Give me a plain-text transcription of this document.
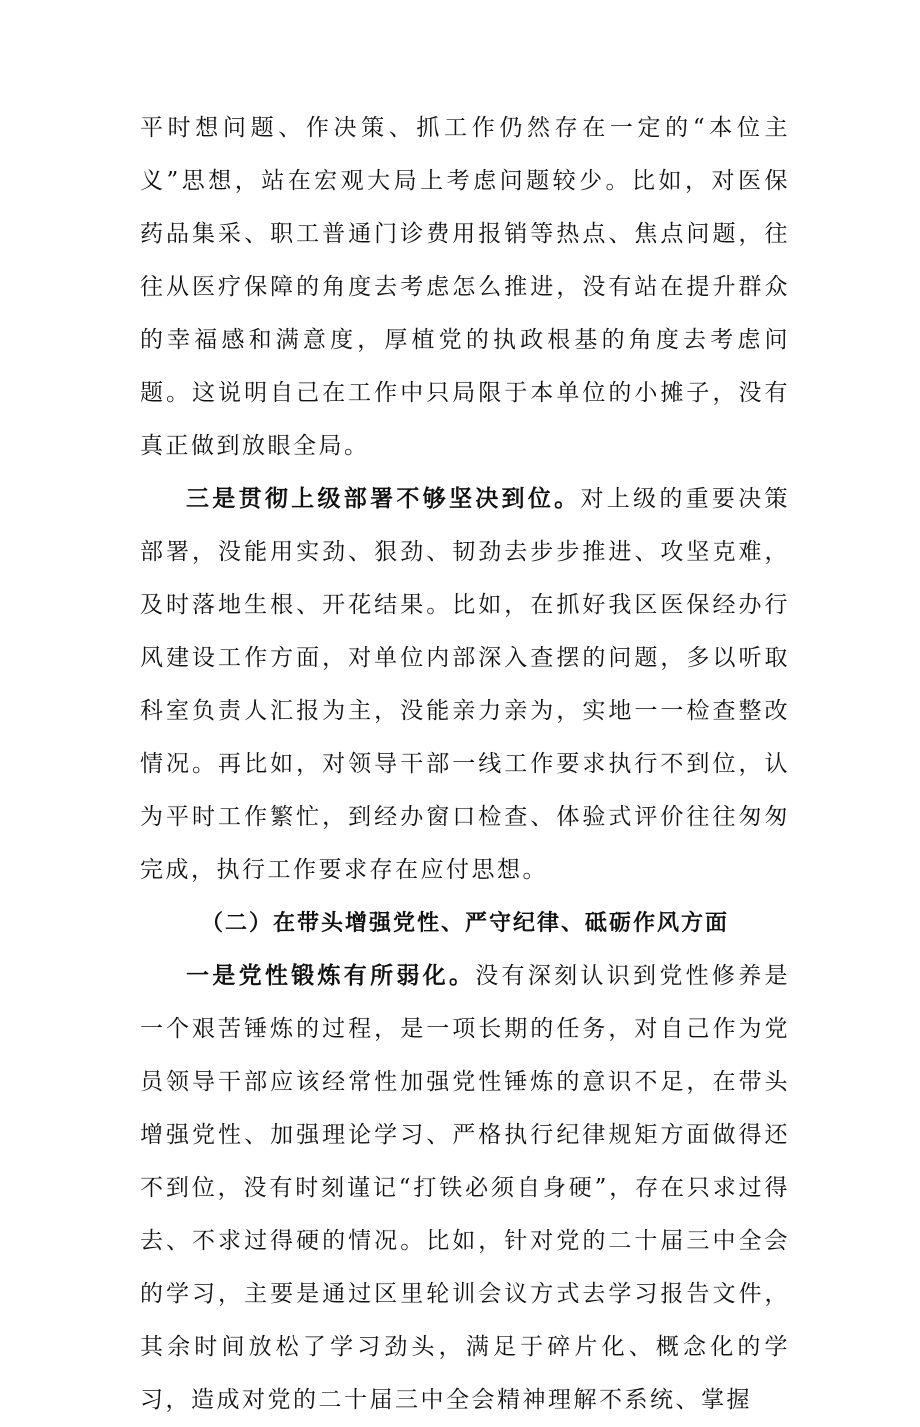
平时想问题、作决策、抓工作仍然存在一定的“本位主义”思想，站在宏观大局上考虑问题较少。比如，对医保药品集采、职工普通门诊费用报销等热点、焦点问题，往往从医疗保障的角度去考虑怎么推进，没有站在提升群众的幸福感和满意度，厚植党的执政根基的角度去考虑问题。这说明自己在工作中只局限于本单位的小摊子，没有真正做到放眼全局。

三是贯彻上级部署不够坚决到位。对上级的重要决策部署，没能用实劲、狠劲、韧劲去步步推进、攻坚克难，及时落地生根、开花结果。比如，在抓好我区医保经办行风建设工作方面，对单位内部深入查摆的问题，多以听取科室负责人汇报为主，没能亲力亲为，实地一一检查整改情况。再比如，对领导干部一线工作要求执行不到位，认为平时工作繁忙，到经办窗口检查、体验式评价往往匆匆完成，执行工作要求存在应付思想。

（二）在带头增强党性、严守纪律、砥砺作风方面

一是党性锻炼有所弱化。没有深刻认识到党性修养是一个艰苦锤炼的过程，是一项长期的任务，对自己作为党员领导干部应该经常性加强党性锤炼的意识不足，在带头增强党性、加强理论学习、严格执行纪律规矩方面做得还不到位，没有时刻谨记“打铁必须自身硬”，存在只求过得去、不求过得硬的情况。比如，针对党的二十届三中全会的学习，主要是通过区里轮训会议方式去学习报告文件，其余时间放松了学习劲头，满足于碎片化、概念化的学习，造成对党的二十届三中全会精神理解不系统、掌握
